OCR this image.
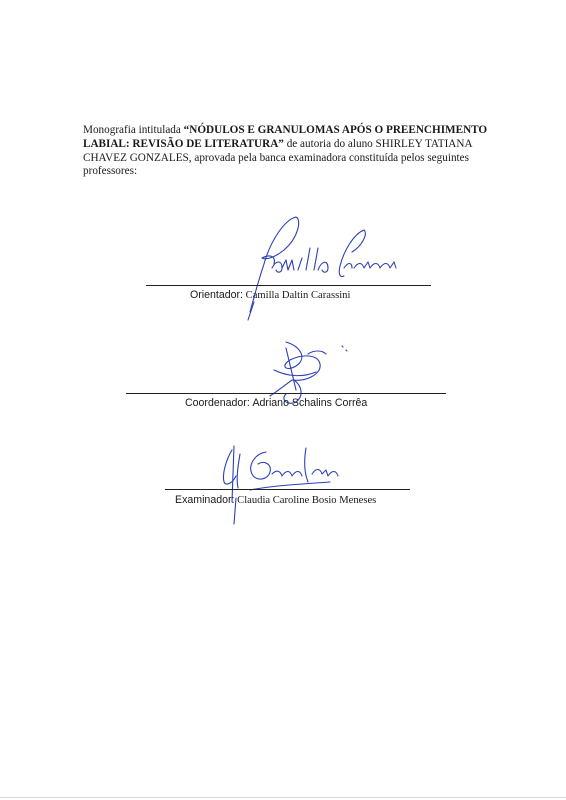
Monografia intitulada “NÓDULOS E GRANULOMAS APÓS O PREENCHIMENTO LABIAL: REVISÃO DE LITERATURA” de autoria do aluno SHIRLEY TATIANA CHAVEZ GONZALES, aprovada pela banca examinadora constituída pelos seguintes professores:

Orientador: Camilla Daltin Carassini
Coordenador: Adriano Schalins Corrêa
Examinador: Claudia Caroline Bosio Meneses
